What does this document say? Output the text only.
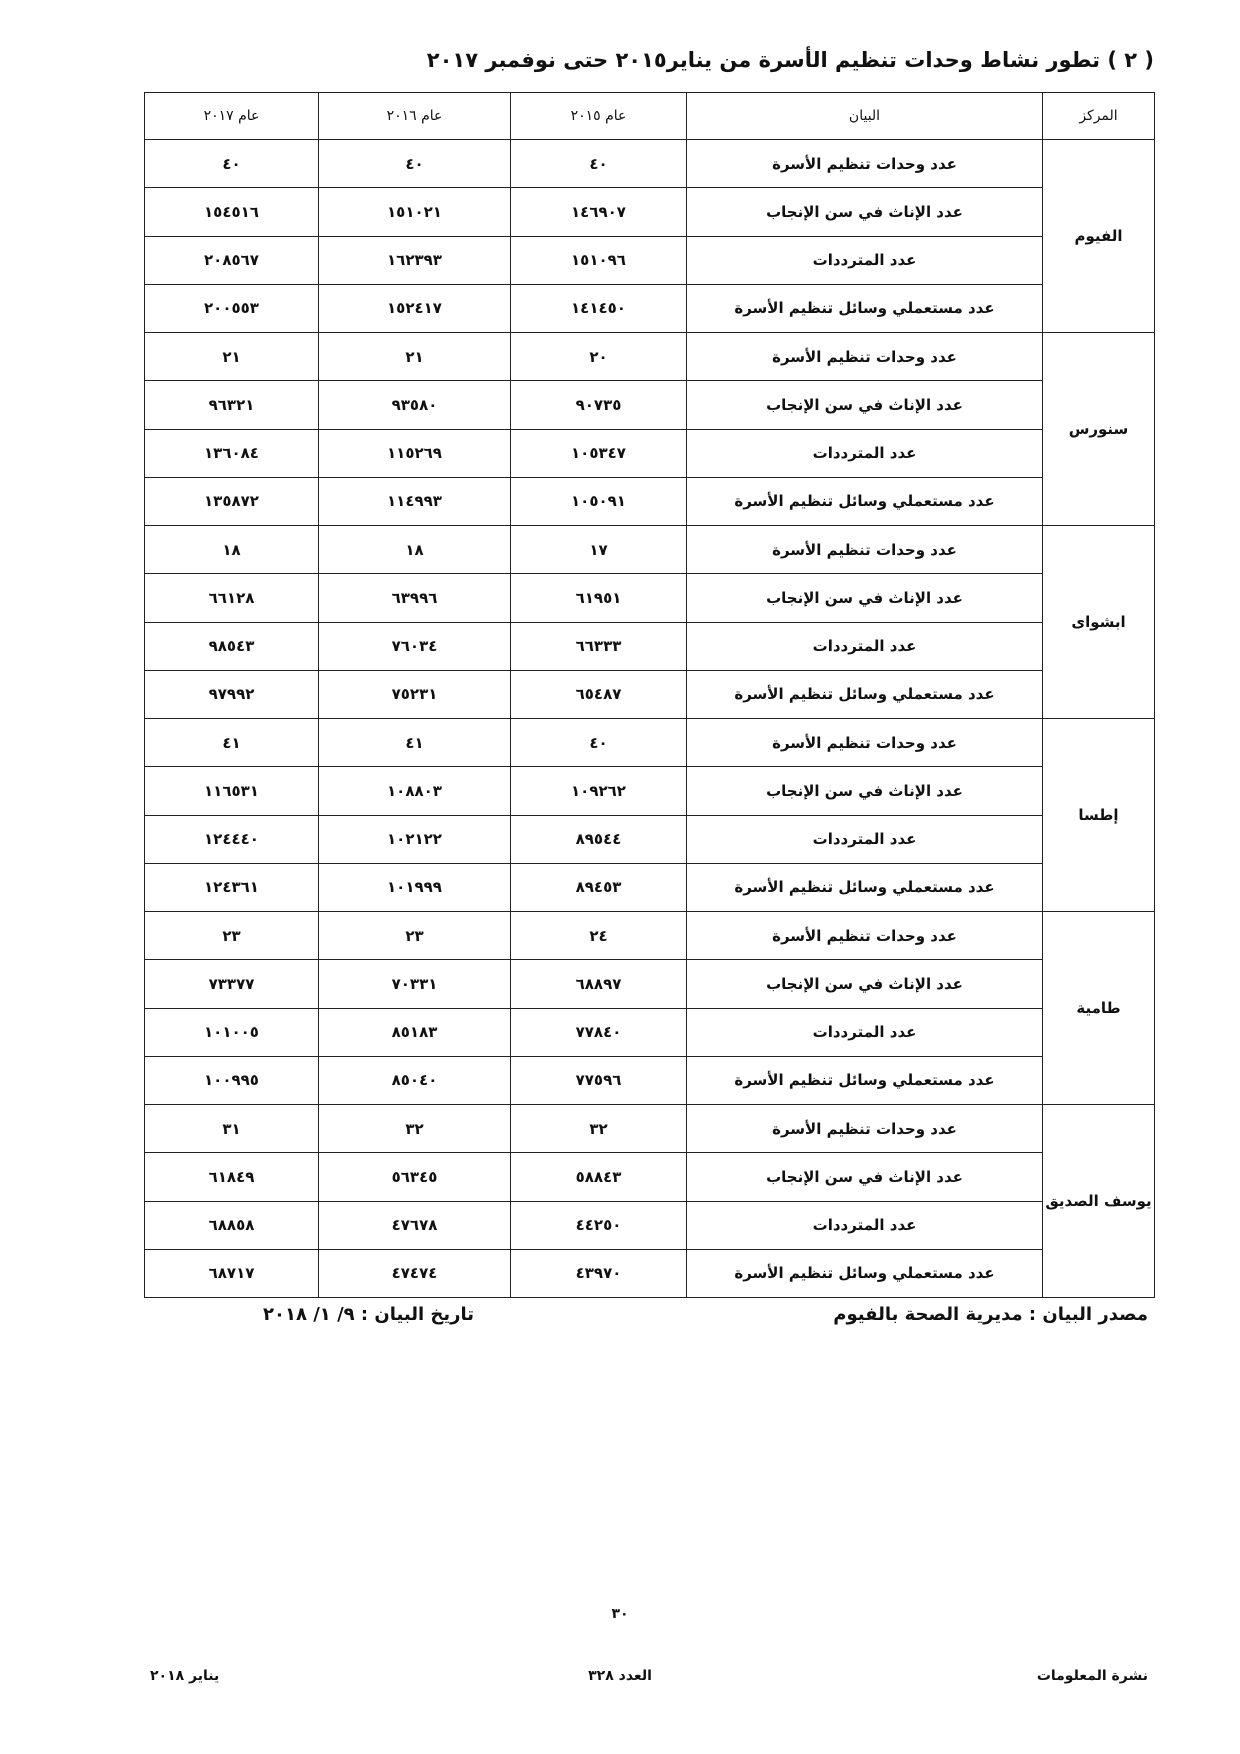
( ٢ ) تطور نشاط وحدات تنظيم الأسرة من يناير٢٠١٥ حتى نوفمبر ٢٠١٧
المركز	البيان	عام ٢٠١٥	عام ٢٠١٦	عام ٢٠١٧
الفيوم	عدد وحدات تنظيم الأسرة	٤٠	٤٠	٤٠
	عدد الإناث في سن الإنجاب	١٤٦٩٠٧	١٥١٠٢١	١٥٤٥١٦
	عدد المترددات	١٥١٠٩٦	١٦٢٣٩٣	٢٠٨٥٦٧
	عدد مستعملي وسائل تنظيم الأسرة	١٤١٤٥٠	١٥٢٤١٧	٢٠٠٥٥٣
سنورس	عدد وحدات تنظيم الأسرة	٢٠	٢١	٢١
	عدد الإناث في سن الإنجاب	٩٠٧٣٥	٩٣٥٨٠	٩٦٣٢١
	عدد المترددات	١٠٥٣٤٧	١١٥٢٦٩	١٣٦٠٨٤
	عدد مستعملي وسائل تنظيم الأسرة	١٠٥٠٩١	١١٤٩٩٣	١٣٥٨٧٢
ابشواى	عدد وحدات تنظيم الأسرة	١٧	١٨	١٨
	عدد الإناث في سن الإنجاب	٦١٩٥١	٦٣٩٩٦	٦٦١٢٨
	عدد المترددات	٦٦٣٣٣	٧٦٠٣٤	٩٨٥٤٣
	عدد مستعملي وسائل تنظيم الأسرة	٦٥٤٨٧	٧٥٢٣١	٩٧٩٩٢
إطسا	عدد وحدات تنظيم الأسرة	٤٠	٤١	٤١
	عدد الإناث في سن الإنجاب	١٠٩٢٦٢	١٠٨٨٠٣	١١٦٥٣١
	عدد المترددات	٨٩٥٤٤	١٠٢١٢٢	١٢٤٤٤٠
	عدد مستعملي وسائل تنظيم الأسرة	٨٩٤٥٣	١٠١٩٩٩	١٢٤٣٦١
طامية	عدد وحدات تنظيم الأسرة	٢٤	٢٣	٢٣
	عدد الإناث في سن الإنجاب	٦٨٨٩٧	٧٠٣٣١	٧٣٣٧٧
	عدد المترددات	٧٧٨٤٠	٨٥١٨٣	١٠١٠٠٥
	عدد مستعملي وسائل تنظيم الأسرة	٧٧٥٩٦	٨٥٠٤٠	١٠٠٩٩٥
يوسف الصديق	عدد وحدات تنظيم الأسرة	٣٢	٣٢	٣١
	عدد الإناث في سن الإنجاب	٥٨٨٤٣	٥٦٣٤٥	٦١٨٤٩
	عدد المترددات	٤٤٢٥٠	٤٧٦٧٨	٦٨٨٥٨
	عدد مستعملي وسائل تنظيم الأسرة	٤٣٩٧٠	٤٧٤٧٤	٦٨٧١٧
مصدر البيان : مديرية الصحة بالفيوم
تاريخ البيان : ٩/ ١/ ٢٠١٨
٣٠
نشرة المعلومات
العدد ٣٢٨
يناير ٢٠١٨
